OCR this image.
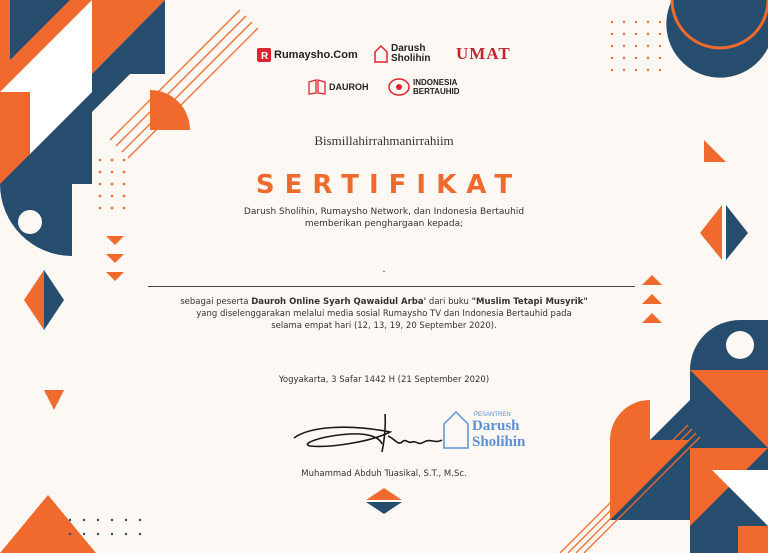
R Rumaysho.Com
Darush Sholihin	UMAT
DAUROH	INDONESIA BERTAUHID
Bismillahirrahmanirrahiim
SERTIFIKAT
Darush Sholihin, Rumaysho Network, dan Indonesia Bertauhid
memberikan penghargaan kepada;
.
sebagai peserta Dauroh Online Syarh Qawaidul Arba' dari buku "Muslim Tetapi Musyrik"
yang diselenggarakan melalui media sosial Rumaysho TV dan Indonesia Bertauhid pada
selama empat hari (12, 13, 19, 20 September 2020).
Yogyakarta, 3 Safar 1442 H (21 September 2020)
PESANTREN
Darush
Sholihin
Muhammad Abduh Tuasikal, S.T., M.Sc.
